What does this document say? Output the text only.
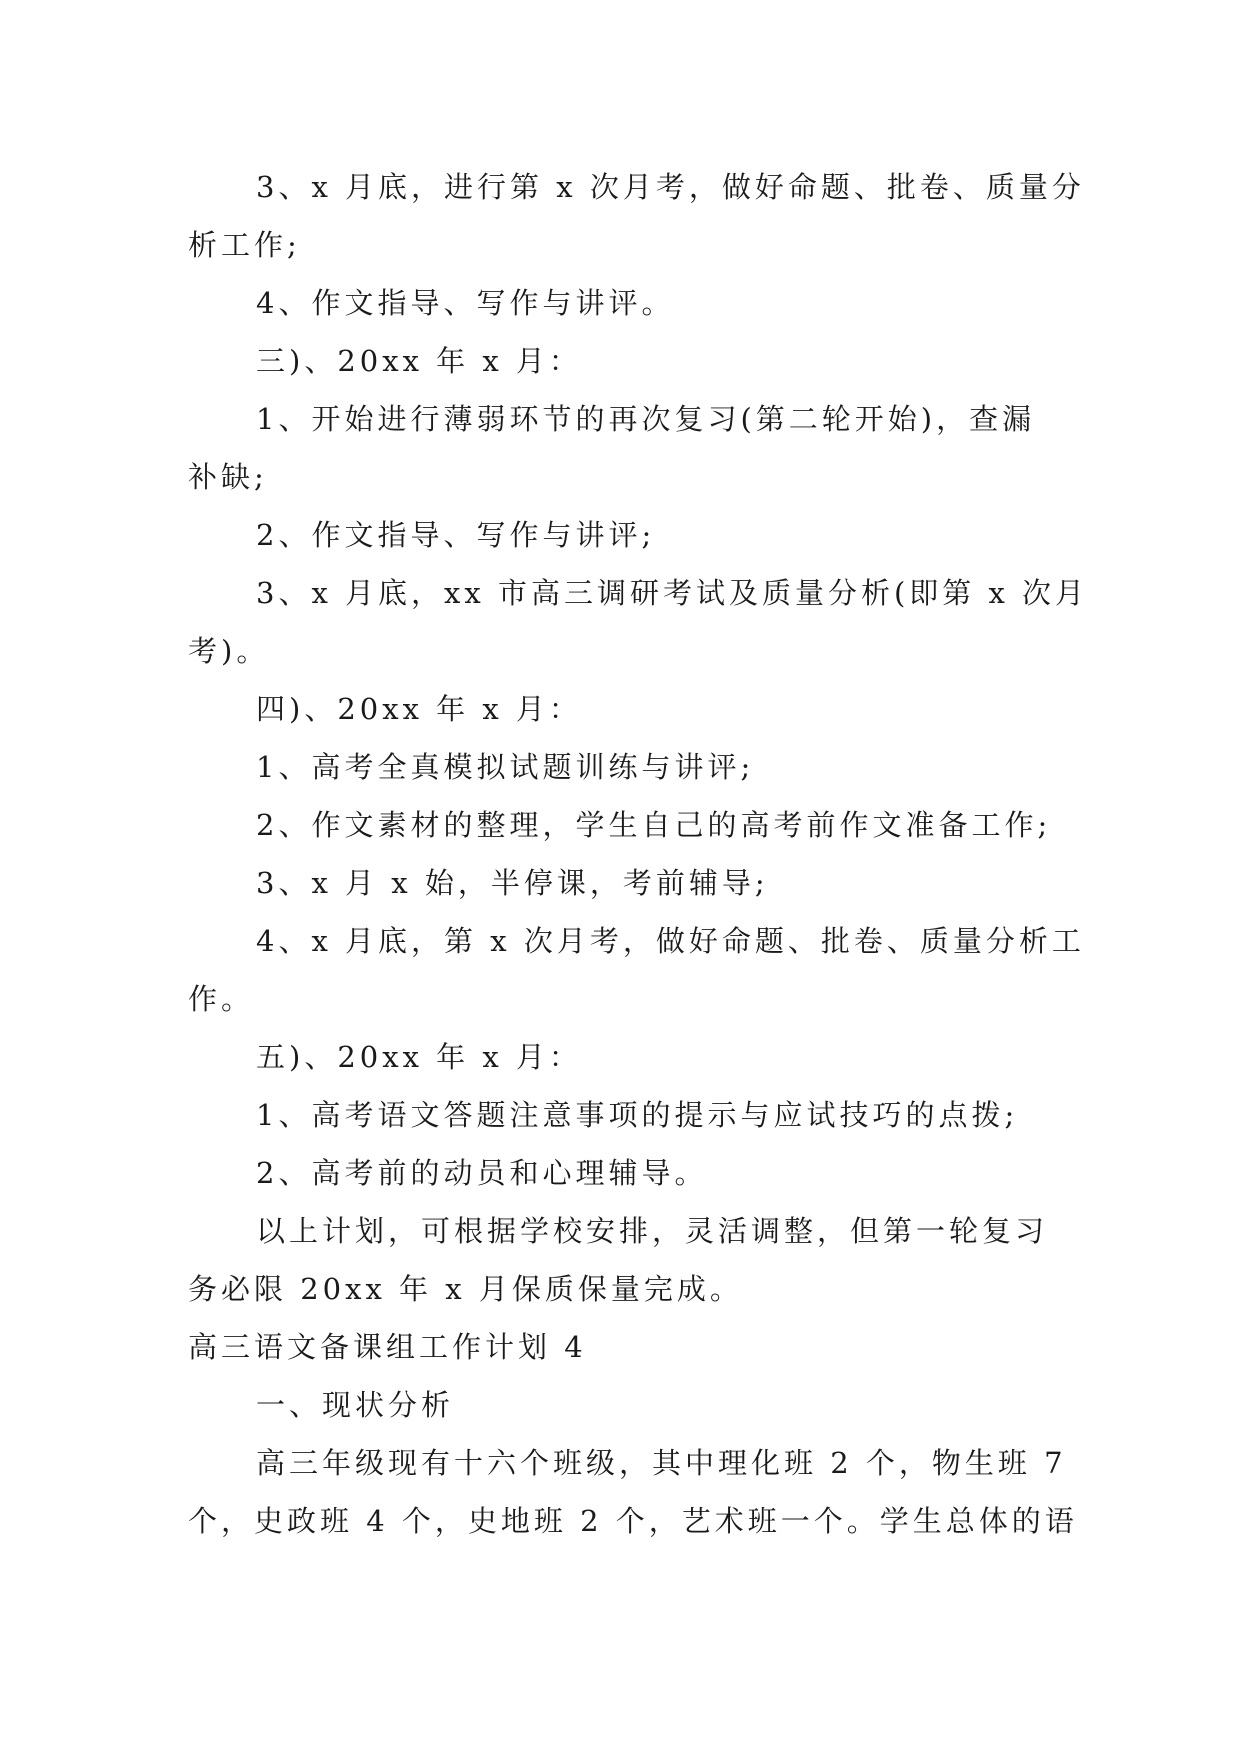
3、x 月底，进行第 x 次月考，做好命题、批卷、质量分
析工作;
4、作文指导、写作与讲评。
三)、20xx 年 x 月：
1、开始进行薄弱环节的再次复习(第二轮开始)，查漏
补缺;
2、作文指导、写作与讲评;
3、x 月底，xx 市高三调研考试及质量分析(即第 x 次月
考)。
四)、20xx 年 x 月：
1、高考全真模拟试题训练与讲评;
2、作文素材的整理，学生自己的高考前作文准备工作;
3、x 月 x 始，半停课，考前辅导;
4、x 月底，第 x 次月考，做好命题、批卷、质量分析工
作。
五)、20xx 年 x 月：
1、高考语文答题注意事项的提示与应试技巧的点拨;
2、高考前的动员和心理辅导。
以上计划，可根据学校安排，灵活调整，但第一轮复习
务必限 20xx 年 x 月保质保量完成。
高三语文备课组工作计划 4
一、现状分析
高三年级现有十六个班级，其中理化班 2 个，物生班 7
个，史政班 4 个，史地班 2 个，艺术班一个。学生总体的语
